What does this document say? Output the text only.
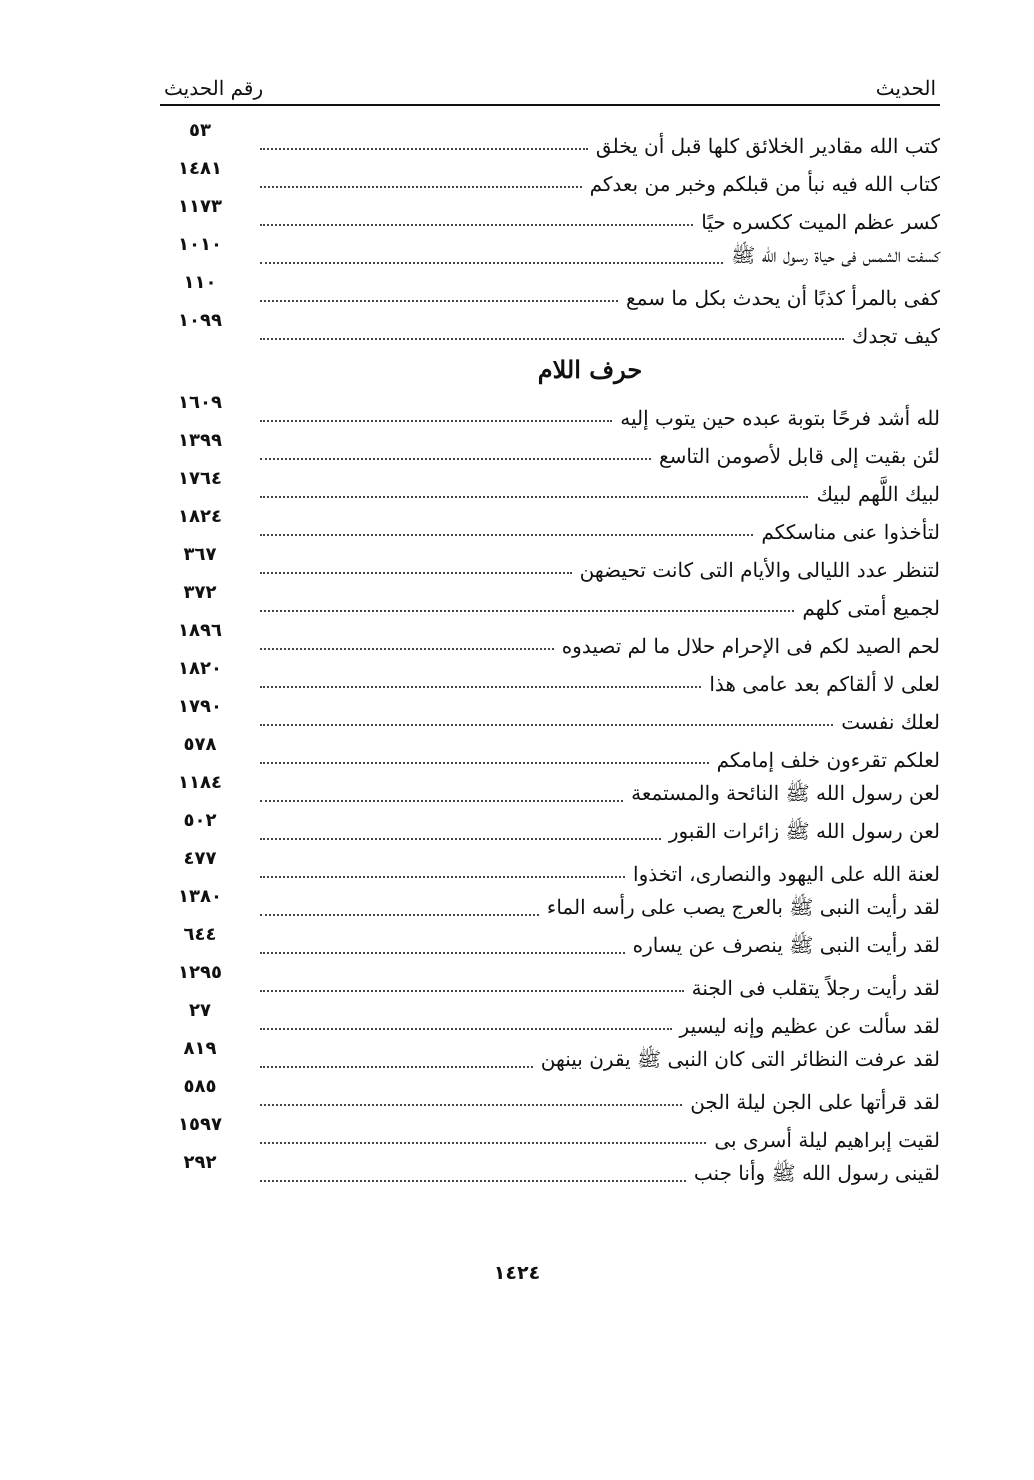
الحديث
رقم الحديث
كتب الله مقادير الخلائق كلها قبل أن يخلق
٥٣
كتاب الله فيه نبأ من قبلكم وخبر من بعدكم
١٤٨١
كسر عظم الميت ككسره حيًا
١١٧٣
كسفت الشمس فى حياة رسول الله ﷺ
١٠١٠
كفى بالمرأ كذبًا أن يحدث بكل ما سمع
١١٠
كيف تجدك
١٠٩٩
حرف اللام
لله أشد فرحًا بتوبة عبده حين يتوب إليه
١٦٠٩
لئن بقيت إلى قابل لأصومن التاسع
١٣٩٩
لبيك اللَّهم لبيك
١٧٦٤
لتأخذوا عنى مناسككم
١٨٢٤
لتنظر عدد الليالى والأيام التى كانت تحيضهن
٣٦٧
لجميع أمتى كلهم
٣٧٢
لحم الصيد لكم فى الإحرام حلال ما لم تصيدوه
١٨٩٦
لعلى لا ألقاكم بعد عامى هذا
١٨٢٠
لعلك نفست
١٧٩٠
لعلكم تقرءون خلف إمامكم
٥٧٨
لعن رسول الله ﷺ النائحة والمستمعة
١١٨٤
لعن رسول الله ﷺ زائرات القبور
٥٠٢
لعنة الله على اليهود والنصارى، اتخذوا
٤٧٧
لقد رأيت النبى ﷺ بالعرج يصب على رأسه الماء
١٣٨٠
لقد رأيت النبى ﷺ ينصرف عن يساره
٦٤٤
لقد رأيت رجلاً يتقلب فى الجنة
١٢٩٥
لقد سألت عن عظيم وإنه ليسير
٢٧
لقد عرفت النظائر التى كان النبى ﷺ يقرن بينهن
٨١٩
لقد قرأتها على الجن ليلة الجن
٥٨٥
لقيت إبراهيم ليلة أسرى بى
١٥٩٧
لقينى رسول الله ﷺ وأنا جنب
٢٩٢
١٤٢٤
